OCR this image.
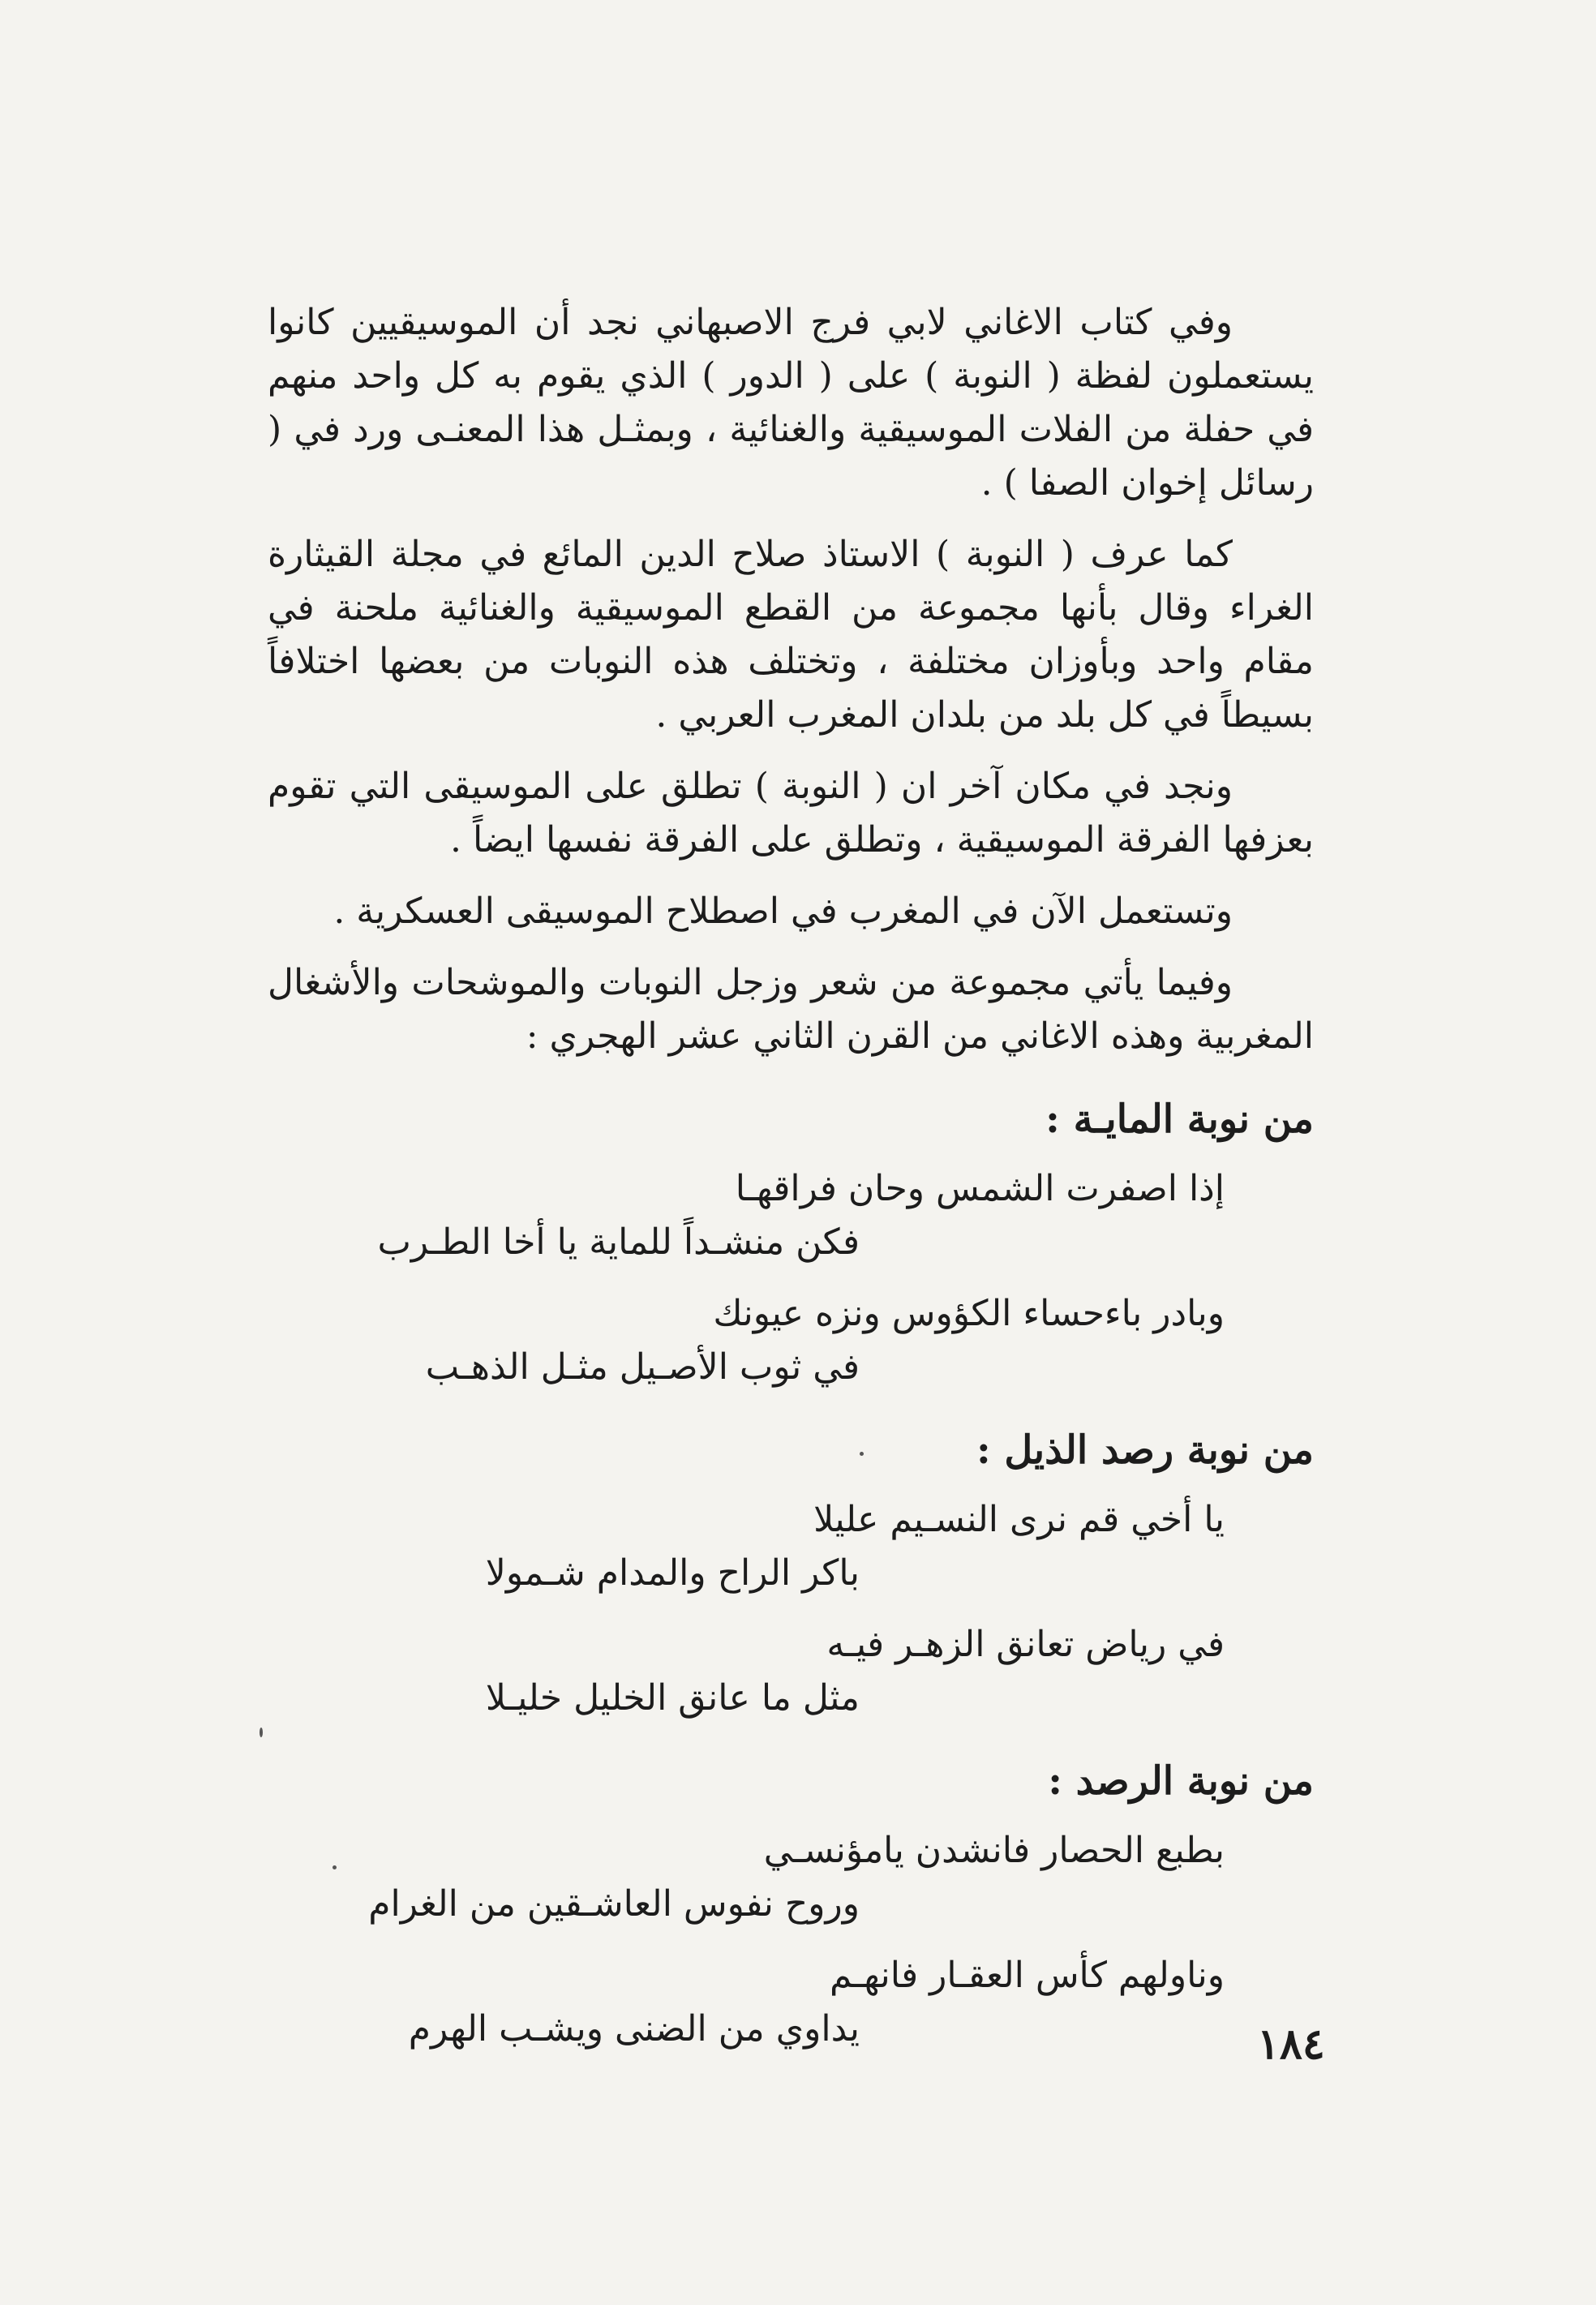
وفي كتاب الاغاني لابي فرج الاصبهاني نجد أن الموسيقيين كانوا يستعملون لفظة ( النوبة ) على ( الدور ) الذي يقوم به كل واحد منهم في حفلة من الفلات الموسيقية والغنائية ، وبمثـل هذا المعنـى ورد في ( رسائل إخوان الصفا ) .

كما عرف ( النوبة ) الاستاذ صلاح الدين المائع في مجلة القيثارة الغراء وقال بأنها مجموعة من القطع الموسيقية والغنائية ملحنة في مقام واحد وبأوزان مختلفة ، وتختلف هذه النوبات من بعضها اختلافاً بسيطاً في كل بلد من بلدان المغرب العربي .

ونجد في مكان آخر ان ( النوبة ) تطلق على الموسيقى التي تقوم بعزفها الفرقة الموسيقية ، وتطلق على الفرقة نفسها ايضاً .

وتستعمل الآن في المغرب في اصطلاح الموسيقى العسكرية .

وفيما يأتي مجموعة من شعر وزجل النوبات والموشحات والأشغال المغربية وهذه الاغاني من القرن الثاني عشر الهجري :

من نوبة المايـة :
إذا اصفرت الشمس وحان فراقهـا
فكن منشـداً للماية يا أخا الطـرب
وبادر باءحساء الكؤوس ونزه عيونك
في ثوب الأصـيل مثـل الذهـب
من نوبة رصد الذيل :
يا أخي قم نرى النسـيم عليلا
باكر الراح والمدام شـمولا
في رياض تعانق الزهـر فيـه
مثل ما عانق الخليل خليـلا
من نوبة الرصد :
بطبع الحصار فانشدن يامؤنسـي
وروح نفوس العاشـقين من الغرام
وناولهم كأس العقـار فانهـم
يداوي من الضنى ويشـب الهرم	١٨٤
